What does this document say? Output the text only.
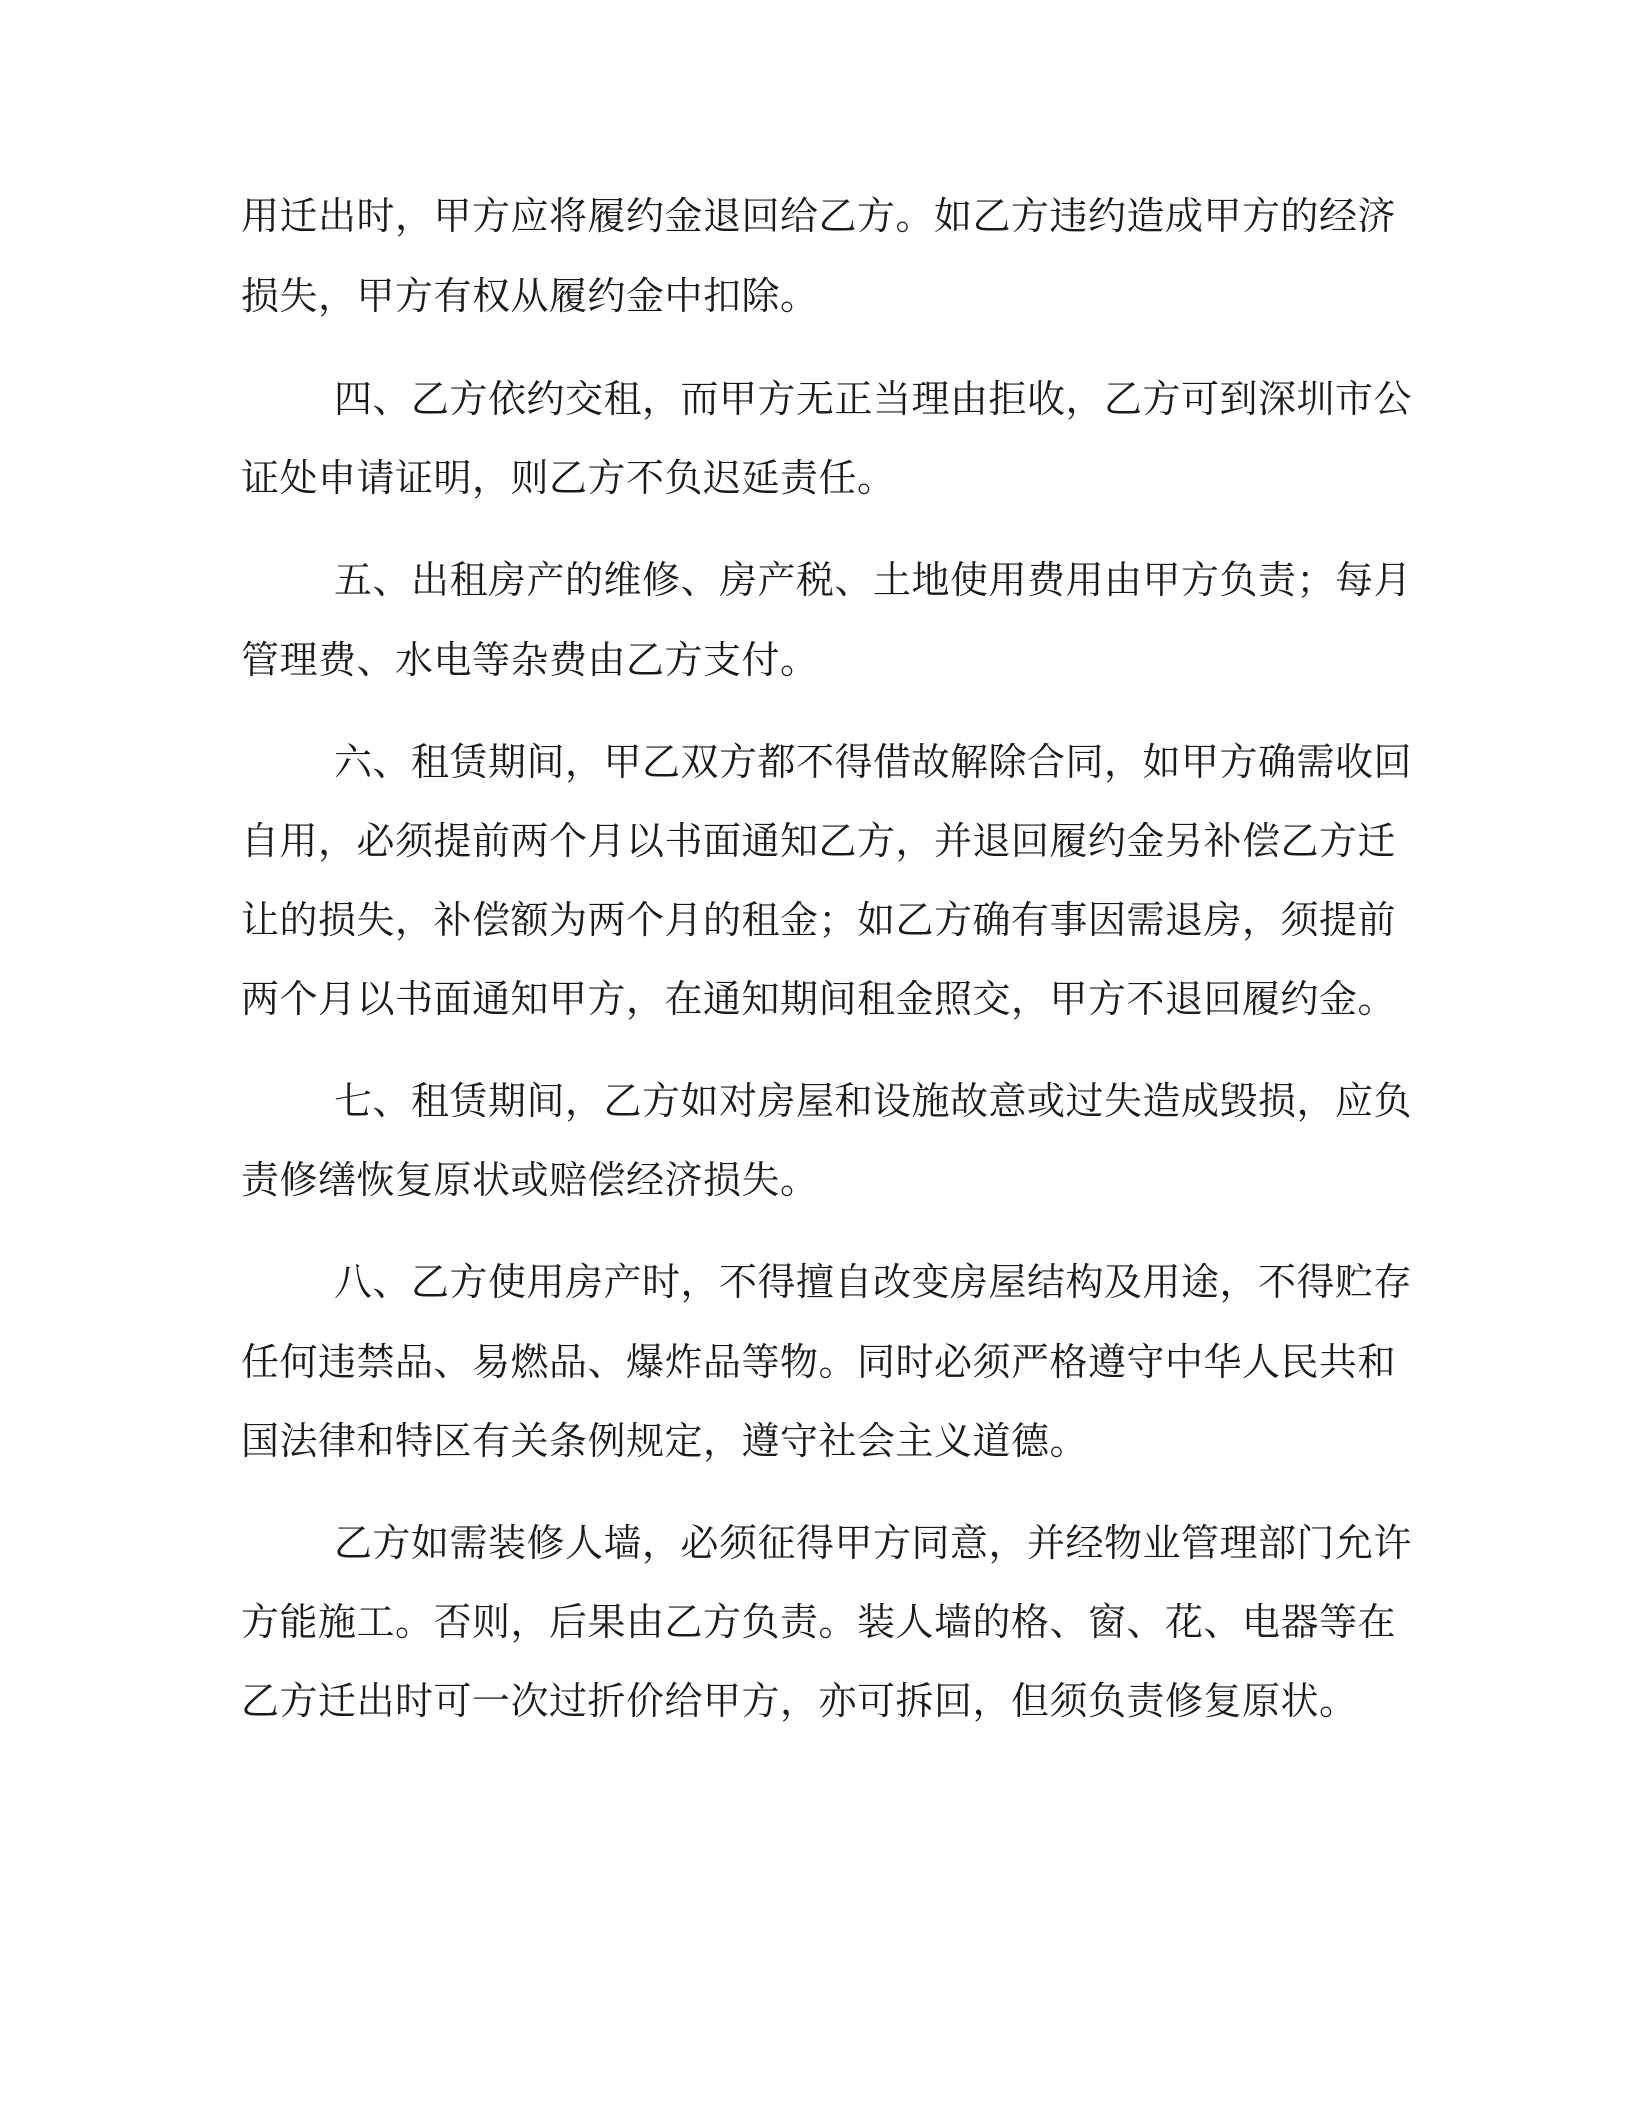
用迁出时，甲方应将履约金退回给乙方。如乙方违约造成甲方的经济
损失，甲方有权从履约金中扣除。
四、乙方依约交租，而甲方无正当理由拒收，乙方可到深圳市公
证处申请证明，则乙方不负迟延责任。
五、出租房产的维修、房产税、土地使用费用由甲方负责；每月
管理费、水电等杂费由乙方支付。
六、租赁期间，甲乙双方都不得借故解除合同，如甲方确需收回
自用，必须提前两个月以书面通知乙方，并退回履约金另补偿乙方迁
让的损失，补偿额为两个月的租金；如乙方确有事因需退房，须提前
两个月以书面通知甲方，在通知期间租金照交，甲方不退回履约金。
七、租赁期间，乙方如对房屋和设施故意或过失造成毁损，应负
责修缮恢复原状或赔偿经济损失。
八、乙方使用房产时，不得擅自改变房屋结构及用途，不得贮存
任何违禁品、易燃品、爆炸品等物。同时必须严格遵守中华人民共和
国法律和特区有关条例规定，遵守社会主义道德。
乙方如需装修人墙，必须征得甲方同意，并经物业管理部门允许
方能施工。否则，后果由乙方负责。装人墙的格、窗、花、电器等在
乙方迁出时可一次过折价给甲方，亦可拆回，但须负责修复原状。
